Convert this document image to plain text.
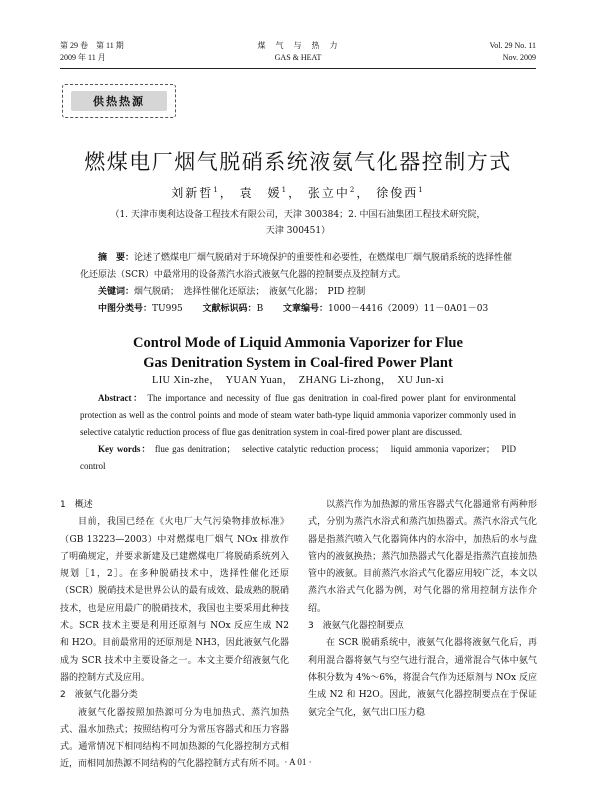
第 29 卷　第 11 期
2009 年 11 月
煤　气　与　热　力
GAS & HEAT
Vol. 29 No. 11
Nov. 2009
供热热源
燃煤电厂烟气脱硝系统液氨气化器控制方式
刘新哲$^1$， 袁　媛$^1$， 张立中$^2$， 徐俊西$^1$
（1. 天津市奥利达设备工程技术有限公司，天津 300384；2. 中国石油集团工程技术研究院，
天津 300451）
摘　要：论述了燃煤电厂烟气脱硝对于环境保护的重要性和必要性，在燃煤电厂烟气脱硝系统的选择性催化还原法（SCR）中最常用的设备蒸汽水浴式液氨气化器的控制要点及控制方式。
关键词：烟气脱硝；　选择性催化还原法；　液氨气化器；　PID 控制
中图分类号：TU995 文献标识码：B 文章编号：1000－4416（2009）11－0A01－03
Control Mode of Liquid Ammonia Vaporizer for Flue
Gas Denitration System in Coal-fired Power Plant
LIU Xin-zhe，　YUAN Yuan，　ZHANG Li-zhong，　XU Jun-xi
Abstract： The importance and necessity of flue gas denitration in coal-fired power plant for environmental protection as well as the control points and mode of steam water bath-type liquid ammonia vaporizer commonly used in selective catalytic reduction process of flue gas denitration system in coal-fired power plant are discussed.
Key words： flue gas denitration；　selective catalytic reduction process；　liquid ammonia vaporizer；　PID control

1　概述

目前，我国已经在《火电厂大气污染物排放标准》（GB 13223—2003）中对燃煤电厂烟气 NOx 排放作了明确规定，并要求新建及已建燃煤电厂将脱硝系统列入规划［1，2］。在多种脱硝技术中，选择性催化还原（SCR）脱硝技术是世界公认的最有成效、最成熟的脱硝技术，也是应用最广的脱硝技术，我国也主要采用此种技术。SCR 技术主要是利用还原剂与 NOx 反应生成 N2 和 H2O。目前最常用的还原剂是 NH3，因此液氨气化器成为 SCR 技术中主要设备之一。本文主要介绍液氨气化器的控制方式及应用。

2　液氨气化器分类

液氨气化器按照加热源可分为电加热式、蒸汽加热式、温水加热式；按照结构可分为常压容器式和压力容器式。通常情况下相同结构不同加热源的气化器控制方式相近，而相同加热源不同结构的气化器控制方式有所不同。

以蒸汽作为加热源的常压容器式气化器通常有两种形式，分别为蒸汽水浴式和蒸汽加热器式。蒸汽水浴式气化器是指蒸汽喷入气化器筒体内的水浴中，加热后的水与盘管内的液氨换热；蒸汽加热器式气化器是指蒸汽直接加热管中的液氨。目前蒸汽水浴式气化器应用较广泛，本文以蒸汽水浴式气化器为例，对气化器的常用控制方法作介绍。

3　液氨气化器控制要点

在 SCR 脱硝系统中，液氨气化器将液氨气化后，再利用混合器将氨气与空气进行混合，通常混合气体中氨气体积分数为 4%～6%，将混合气作为还原剂与 NOx 反应生成 N2 和 H2O。因此，液氨气化器控制要点在于保证氨完全气化，氨气出口压力稳

· A 01 ·
